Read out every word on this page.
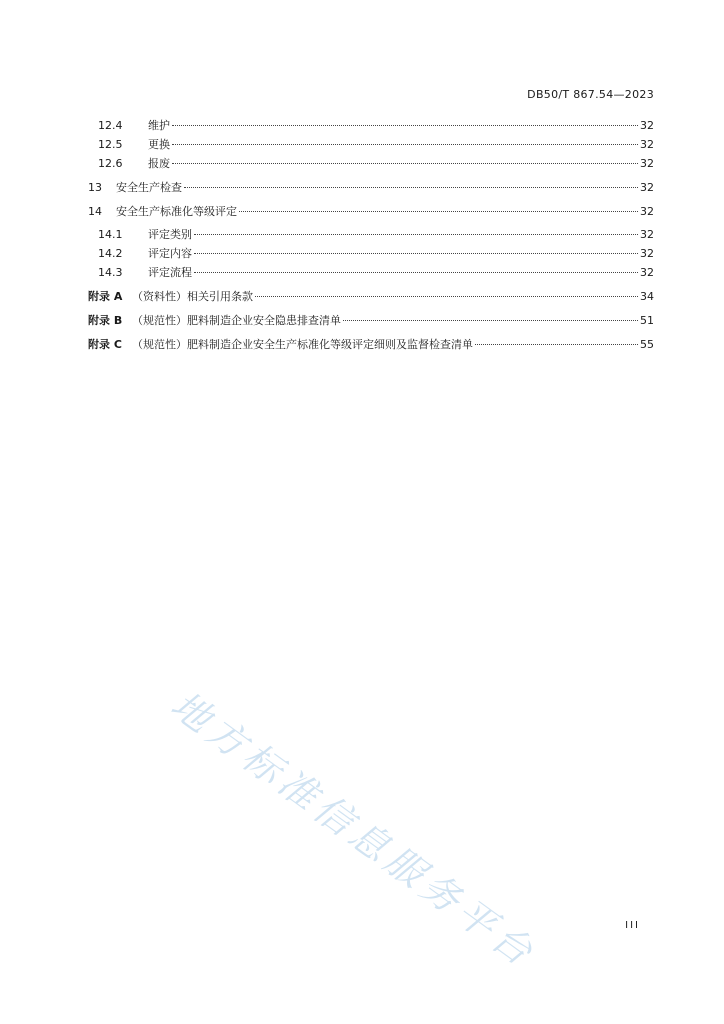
DB50/T 867.54—2023
12.4	维护	32
12.5	更换	32
12.6	报废	32
13	安全生产检查	32
14	安全生产标准化等级评定	32
14.1	评定类别	32
14.2	评定内容	32
14.3	评定流程	32
附录 A （资料性）相关引用条款	34
附录 B （规范性）肥料制造企业安全隐患排查清单	51
附录 C （规范性）肥料制造企业安全生产标准化等级评定细则及监督检查清单	55
地方标准信息服务平台	III
